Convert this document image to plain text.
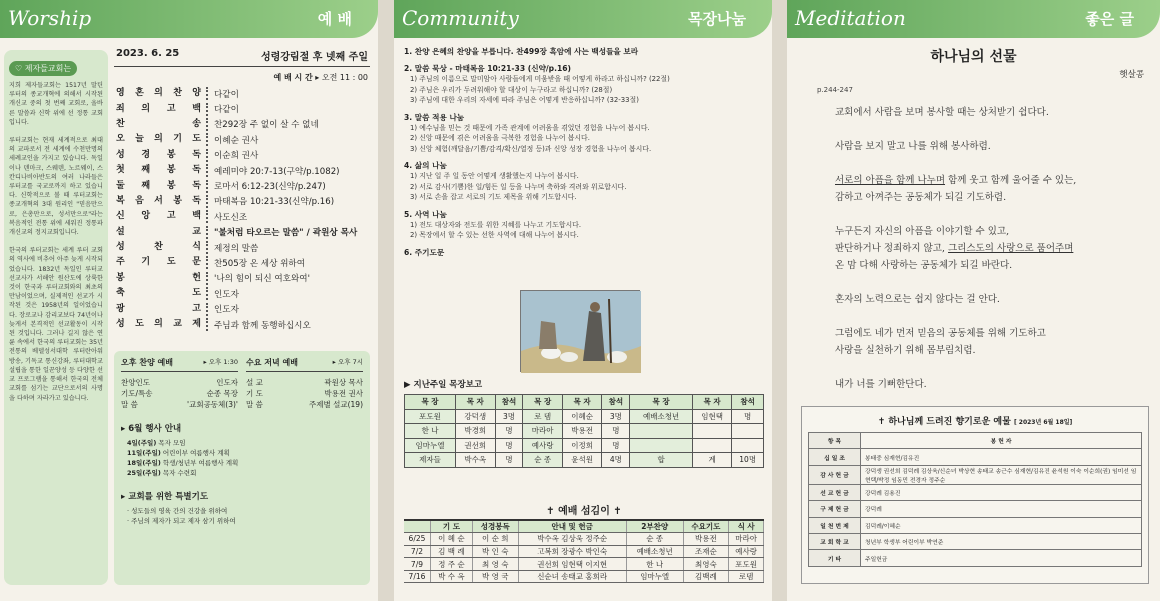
Worship	예 배
♡ 제자들교회는

지희 제자들교회는 1517년 말틴 루터의 종교개혁에 의해서 시작된 개신교 중의 첫 번째 교회로, 올바른 말씀과 신학 위에 선 정통 교회입니다.

루터교회는 현재 세계적으로 최대의 교파로서 전 세계에 수천만명의 세례교인을 가지고 있습니다. 독일이나 덴마크, 스웨덴, 노르웨이, 스칸디나비아반도의 여러 나라들은 루터교를 국교로까지 하고 있습니다. 신학적으로 볼 때 루터교회는 종교개혁의 3대 원리인 "믿음만으로, 은총만으로, 성서만으로"라는 복음적인 전통 위에 세워진 정통파 개신교의 정지교회입니다.

한국의 루터교회는 세계 루터 교회의 역사에 비추어 아주 늦게 시작되었습니다. 1832년 독일인 루터교 선교사가 서해안 원산도에 상륙한 것이 한국과 루터교회와의 최초의 만남이었으며, 실제적인 선교가 시작된 것은 1958년의 일이었습니다. 장로교나 감리교보다 74년이나 늦게서 본격적인 선교활동이 시작된 것입니다. 그러나 길지 않은 연륜 속에서 한국의 루터교회는 35년 전통의 베델성서대학 루터란아워 방송, 기독교 통신강좌, 루터대학교 설립을 통한 일꾼양성 등 다양한 선교 프로그램을 통해서 한국의 전체 교회를 섬기는 교단으로서의 사명을 다하며 자라가고 있습니다.

2023. 6. 25	성령강림절 후 넷째 주일
예 배 시 간 ▸ 오전 11 : 00
영 혼 의 찬 양	다같이
죄 의 고 백	다같이
찬 송	찬292장 주 없이 살 수 없네
오 늘 의 기 도	이혜순 권사
성 경 봉 독	이순희 권사
첫 째 봉 독	예레미야 20:7-13(구약/p.1082)
둘 째 봉 독	로마서 6:12-23(신약/p.247)
복 음 서 봉 독	마태복음 10:21-33(신약/p.16)
신 앙 고 백	사도신조
설 교	"불처럼 타오르는 말씀" / 곽원상 목사
성 찬 식	제정의 말씀
주 기 도 문	찬505장 온 세상 위하여
봉 헌	'나의 힘이 되신 여호와여'
축 도	인도자
광 고	인도자
성 도 의 교 제	주님과 함께 동행하십시오
오후 찬양 예배	▸ 오후 1:30
찬양인도	인도자
기도/특송	순종 목장
말 씀	'교회공동체(3)'
수요 저녁 예배	▸ 오후 7시
설 교	곽원상 목사
기 도	박용전 권사
말 씀	주제별 설교(19)
▸ 6월 행사 안내
4일(주일) 목자 모임
11일(주일) 어린이부 여름행사 계획
18일(주일) 학생/청년부 여름행사 계획
25일(주일) 목자 수련회
▸ 교회를 위한 특별기도
· 성도들의 영육 간의 건강을 위하여
· 주님의 제자가 되고 제자 삼기 위하여
Community	목장나눔
1. 찬양 은혜의 찬양을 부릅니다. 찬499장 흑암에 사는 백성들을 보라
2. 말씀 묵상 - 마태복음 10:21-33 (신약/p.16)
1) 주님의 이름으로 말미암아 사람들에게 미움받을 때 어떻게 하라고 하십니까? (22절)
2) 주님은 우리가 두려워해야 할 대상이 누구라고 하십니까? (28절)
3) 주님에 대한 우리의 자세에 따라 주님은 어떻게 반응하십니까? (32-33절)
3. 말씀 적용 나눔
1) 예수님을 믿는 것 때문에 가족 관계에 어려움을 겪었던 경험을 나누어 봅시다.
2) 신앙 때문에 겪은 어려움을 극복한 경험을 나누어 봅시다.
3) 신앙 체험(깨달음/기쁨/감격/확신/열정 등)과 신앙 성장 경험을 나누어 봅시다.
4. 삶의 나눔
1) 지난 일 주 일 동안 어떻게 생활했는지 나누어 봅시다.
2) 서로 감사(기쁨)한 일/힘든 일 등을 나누며 축하와 격려와 위로합시다.
3) 서로 손을 잡고 서로의 기도 제목을 위해 기도합시다.
5. 사역 나눔
1) 전도 대상자와 전도를 위한 지혜를 나누고 기도합시다.
2) 목장에서 할 수 있는 선한 사역에 대해 나누어 봅시다.
6. 주기도문
▶ 지난주일 목장보고
목 장	목 자	참석	목 장	목 자	참석	목 장	목 자	참석
포도원	강덕생	3명	로 뎀	이혜순	3명	예배소청년	임현택	명
한 나	박경희	명	마라아	박용전	명			
임마누엘	권선희	명	예사랑	이정희	명			
제자들	박수옥	명	순 종	윤석원	4명	합	계	10명
✝ 예배 섬김이 ✝
	기 도	성경봉독	안내 및 헌금	2부찬양	수요기도	식 사
6/25	이 혜 순	이 순 희	박수옥 김상욱 정주순	순 종	박용전	마라아
7/2	김 백 례	박 인 숙	고복희 장광수 박인숙	예배소청년	조재순	예사랑
7/9	정 주 순	최 영 숙	권선희 임현택 이지현	한 나	최영숙	포도원
7/16	박 수 옥	박 영 국	신순녀 송태교 홍희라	임마누엘	김백례	로뎀
Meditation	좋은 글
하나님의 선물
햇살콩
p.244-247
교회에서 사람을 보며 봉사할 때는 상처받기 쉽다다.
사람을 보지 말고 나를 위해 봉사하렴.
서로의 아픔을 함께 나누며 함께 웃고 함께 울어줄 수 있는,
감하고 아껴주는 공동체가 되길 기도하렴.
누구든지 자신의 아픔을 이야기할 수 있고,
판단하거나 정죄하지 않고, 그리스도의 사랑으로 품어주며
온 맘 다해 사랑하는 공동체가 되길 바란다.
혼자의 노력으로는 쉽지 않다는 걸 안다.
그럼에도 네가 먼저 믿음의 공동체를 위해 기도하고
사랑을 실천하기 위해 몸부림치렴.
내가 너를 기뻐한단다.
✝ 하나님께 드려진 향기로운 예물 [ 2023년 6월 18일]
항 목	봉 헌 자
십 일 조	봉태중 심재현/김유진
감 사 헌 금	강덕생 권선희 김덕례 김상욱/신순녀 박상현 송태교 송근수 심재현/김유진 윤석원 이숙 이순희(권) 임미선 임현택/박정 임동민 전경자 정주순
선 교 헌 금	강덕례 김용진
구 제 헌 금	강덕례
일 천 번 제	김덕례/이혜순
교 회 학 교	청년부 학생부 어린이부 박연준
기 타	주일헌금
